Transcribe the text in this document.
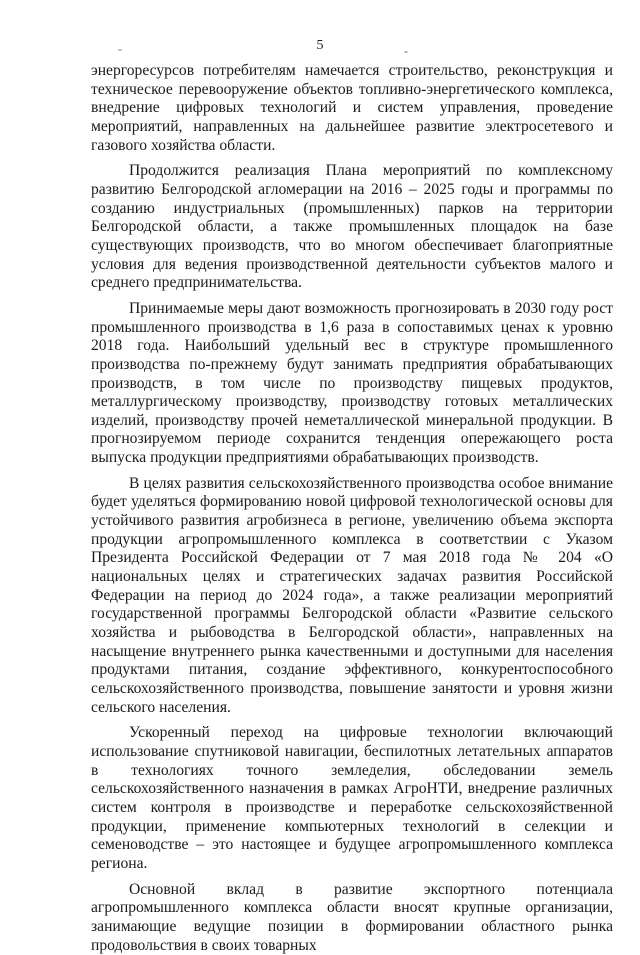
-	5	-

энергоресурсов потребителям намечается строительство, реконструкция и техническое перевооружение объектов топливно-энергетического комплекса, внедрение цифровых технологий и систем управления, проведение мероприятий, направленных на дальнейшее развитие электросетевого и газового хозяйства области.

Продолжится реализация Плана мероприятий по комплексному развитию Белгородской агломерации на 2016 – 2025 годы и программы по созданию индустриальных (промышленных) парков на территории Белгородской области, а также промышленных площадок на базе существующих производств, что во многом обеспечивает благоприятные условия для ведения производственной деятельности субъектов малого и среднего предпринимательства.

Принимаемые меры дают возможность прогнозировать в 2030 году рост промышленного производства в 1,6 раза в сопоставимых ценах к уровню 2018 года. Наибольший удельный вес в структуре промышленного производства по-прежнему будут занимать предприятия обрабатывающих производств, в том числе по производству пищевых продуктов, металлургическому производству, производству готовых металлических изделий, производству прочей неметаллической минеральной продукции. В прогнозируемом периоде сохранится тенденция опережающего роста выпуска продукции предприятиями обрабатывающих производств.

В целях развития сельскохозяйственного производства особое внимание будет уделяться формированию новой цифровой технологической основы для устойчивого развития агробизнеса в регионе, увеличению объема экспорта продукции агропромышленного комплекса в соответствии с Указом Президента Российской Федерации от 7 мая 2018 года № 204 «О национальных целях и стратегических задачах развития Российской Федерации на период до 2024 года», а также реализации мероприятий государственной программы Белгородской области «Развитие сельского хозяйства и рыбоводства в Белгородской области», направленных на насыщение внутреннего рынка качественными и доступными для населения продуктами питания, создание эффективного, конкурентоспособного сельскохозяйственного производства, повышение занятости и уровня жизни сельского населения.

Ускоренный переход на цифровые технологии включающий использование спутниковой навигации, беспилотных летательных аппаратов в технологиях точного земледелия, обследовании земель сельскохозяйственного назначения в рамках АгроНТИ, внедрение различных систем контроля в производстве и переработке сельскохозяйственной продукции, применение компьютерных технологий в селекции и семеноводстве – это настоящее и будущее агропромышленного комплекса региона.

Основной вклад в развитие экспортного потенциала агропромышленного комплекса области вносят крупные организации, занимающие ведущие позиции в формировании областного рынка продовольствия в своих товарных
